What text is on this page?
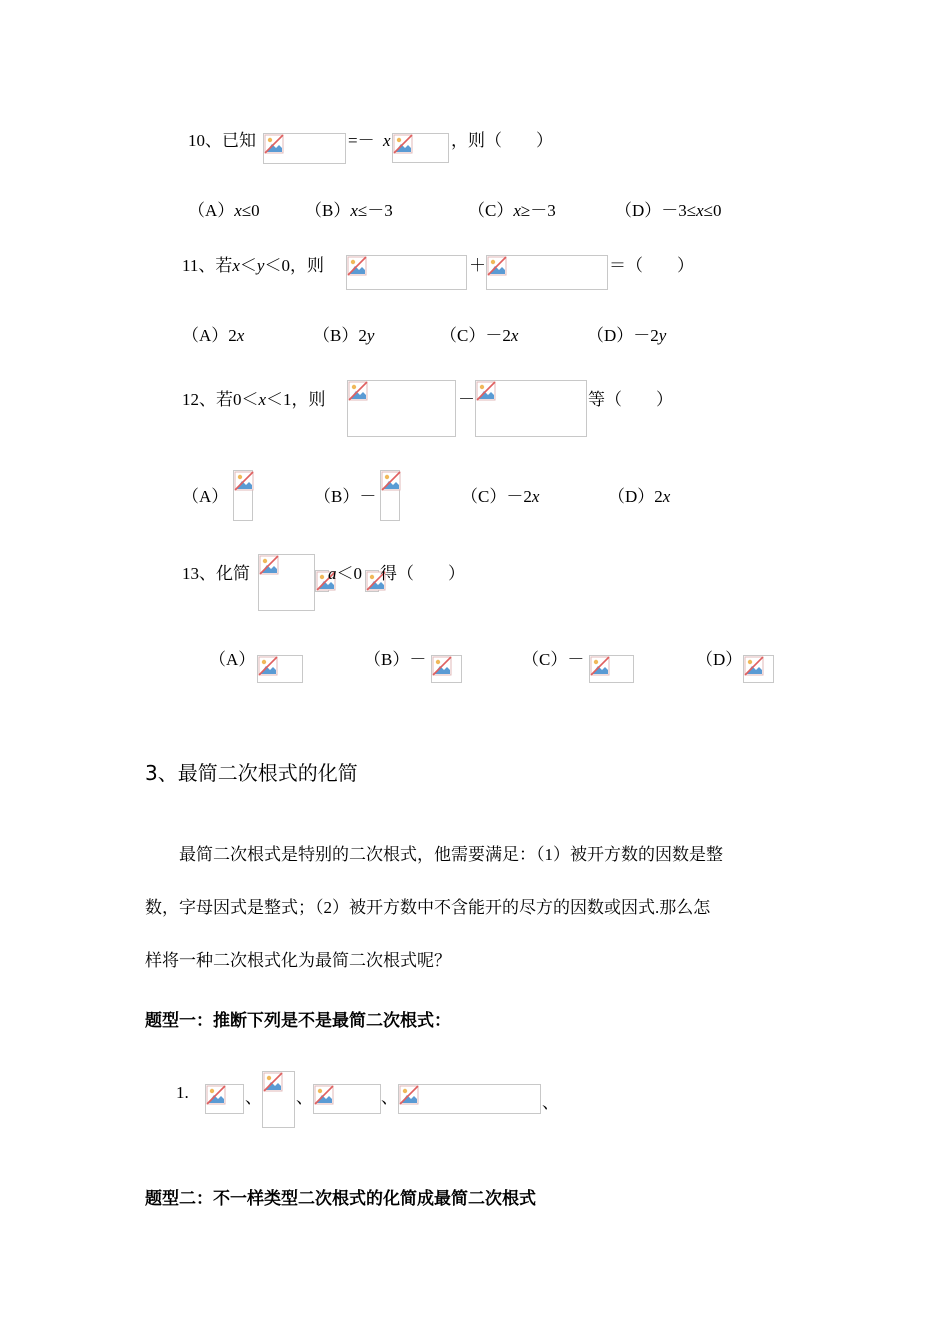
10、已知	=－ x	，则（　　）
（A）x≤0	（B）x≤－3	（C）x≥－3	（D）－3≤x≤0
11、若x＜y＜0，则	＋	＝（　　）
（A）2x	（B）2y	（C）－2x	（D）－2y
12、若0＜x＜1，则	－	等（　　）
（A）	（B）－	（C）－2x	（D）2x
13、化简	a＜0 得（　　）
（A）	（B）－	（C）－	（D）
3、最简二次根式的化简
最简二次根式是特别的二次根式，他需要满足：（1）被开方数的因数是整
数，字母因式是整式；（2）被开方数中不含能开的尽方的因数或因式.那么怎
样将一种二次根式化为最简二次根式呢？
题型一：推断下列是不是最简二次根式：
1.	、 、	、	、
题型二：不一样类型二次根式的化简成最简二次根式
